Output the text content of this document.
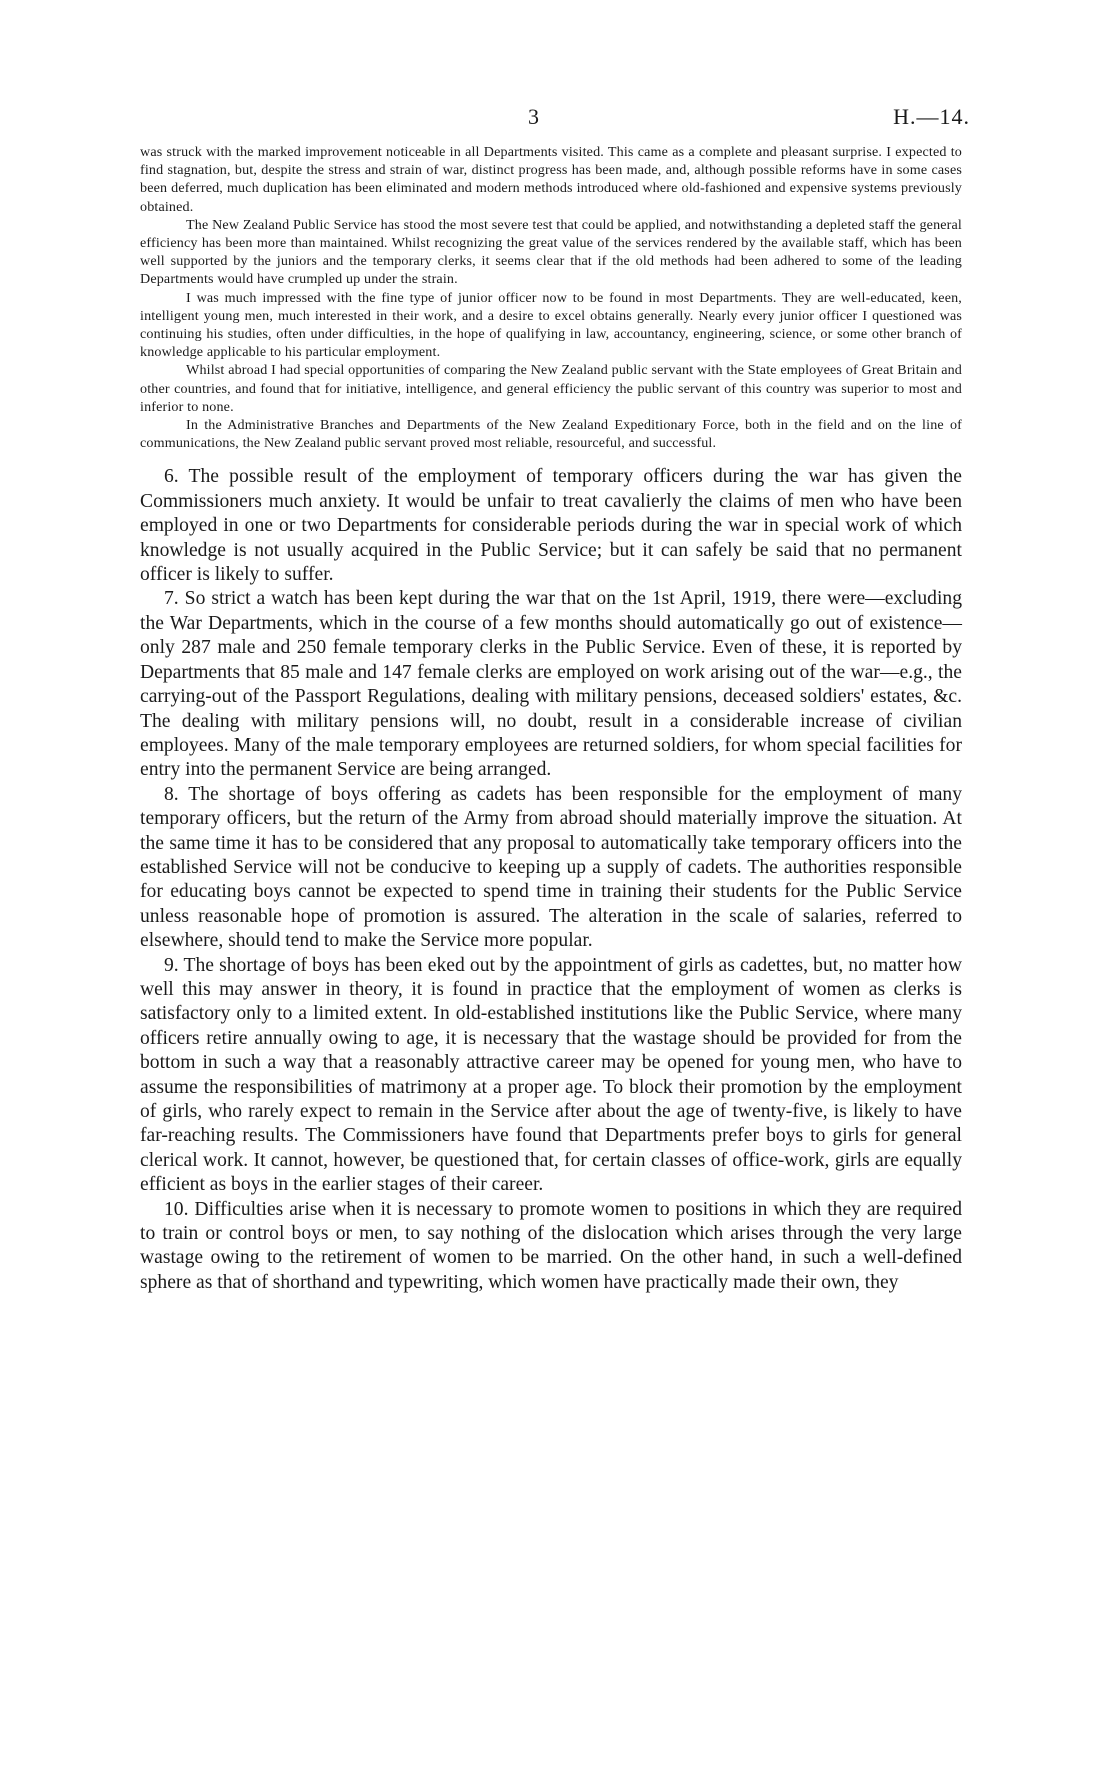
3	H.—14.

was struck with the marked improvement noticeable in all Departments visited. This came as a complete and pleasant surprise. I expected to find stagnation, but, despite the stress and strain of war, distinct progress has been made, and, although possible reforms have in some cases been deferred, much duplication has been eliminated and modern methods introduced where old-fashioned and expensive systems previously obtained.

The New Zealand Public Service has stood the most severe test that could be applied, and notwithstanding a depleted staff the general efficiency has been more than maintained. Whilst recognizing the great value of the services rendered by the available staff, which has been well supported by the juniors and the temporary clerks, it seems clear that if the old methods had been adhered to some of the leading Departments would have crumpled up under the strain.

I was much impressed with the fine type of junior officer now to be found in most Departments. They are well-educated, keen, intelligent young men, much interested in their work, and a desire to excel obtains generally. Nearly every junior officer I questioned was continuing his studies, often under difficulties, in the hope of qualifying in law, accountancy, engineering, science, or some other branch of knowledge applicable to his particular employment.

Whilst abroad I had special opportunities of comparing the New Zealand public servant with the State employees of Great Britain and other countries, and found that for initiative, intelligence, and general efficiency the public servant of this country was superior to most and inferior to none.

In the Administrative Branches and Departments of the New Zealand Expeditionary Force, both in the field and on the line of communications, the New Zealand public servant proved most reliable, resourceful, and successful.

6. The possible result of the employment of temporary officers during the war has given the Commissioners much anxiety. It would be unfair to treat cavalierly the claims of men who have been employed in one or two Departments for considerable periods during the war in special work of which knowledge is not usually acquired in the Public Service; but it can safely be said that no permanent officer is likely to suffer.

7. So strict a watch has been kept during the war that on the 1st April, 1919, there were—excluding the War Departments, which in the course of a few months should automatically go out of existence—only 287 male and 250 female temporary clerks in the Public Service. Even of these, it is reported by Departments that 85 male and 147 female clerks are employed on work arising out of the war—e.g., the carrying-out of the Passport Regulations, dealing with military pensions, deceased soldiers' estates, &c. The dealing with military pensions will, no doubt, result in a considerable increase of civilian employees. Many of the male temporary employees are returned soldiers, for whom special facilities for entry into the permanent Service are being arranged.

8. The shortage of boys offering as cadets has been responsible for the employment of many temporary officers, but the return of the Army from abroad should materially improve the situation. At the same time it has to be considered that any proposal to automatically take temporary officers into the established Service will not be conducive to keeping up a supply of cadets. The authorities responsible for educating boys cannot be expected to spend time in training their students for the Public Service unless reasonable hope of promotion is assured. The alteration in the scale of salaries, referred to elsewhere, should tend to make the Service more popular.

9. The shortage of boys has been eked out by the appointment of girls as cadettes, but, no matter how well this may answer in theory, it is found in practice that the employment of women as clerks is satisfactory only to a limited extent. In old-established institutions like the Public Service, where many officers retire annually owing to age, it is necessary that the wastage should be provided for from the bottom in such a way that a reasonably attractive career may be opened for young men, who have to assume the responsibilities of matrimony at a proper age. To block their promotion by the employment of girls, who rarely expect to remain in the Service after about the age of twenty-five, is likely to have far-reaching results. The Commissioners have found that Departments prefer boys to girls for general clerical work. It cannot, however, be questioned that, for certain classes of office-work, girls are equally efficient as boys in the earlier stages of their career.

10. Difficulties arise when it is necessary to promote women to positions in which they are required to train or control boys or men, to say nothing of the dislocation which arises through the very large wastage owing to the retirement of women to be married. On the other hand, in such a well-defined sphere as that of shorthand and typewriting, which women have practically made their own, they
